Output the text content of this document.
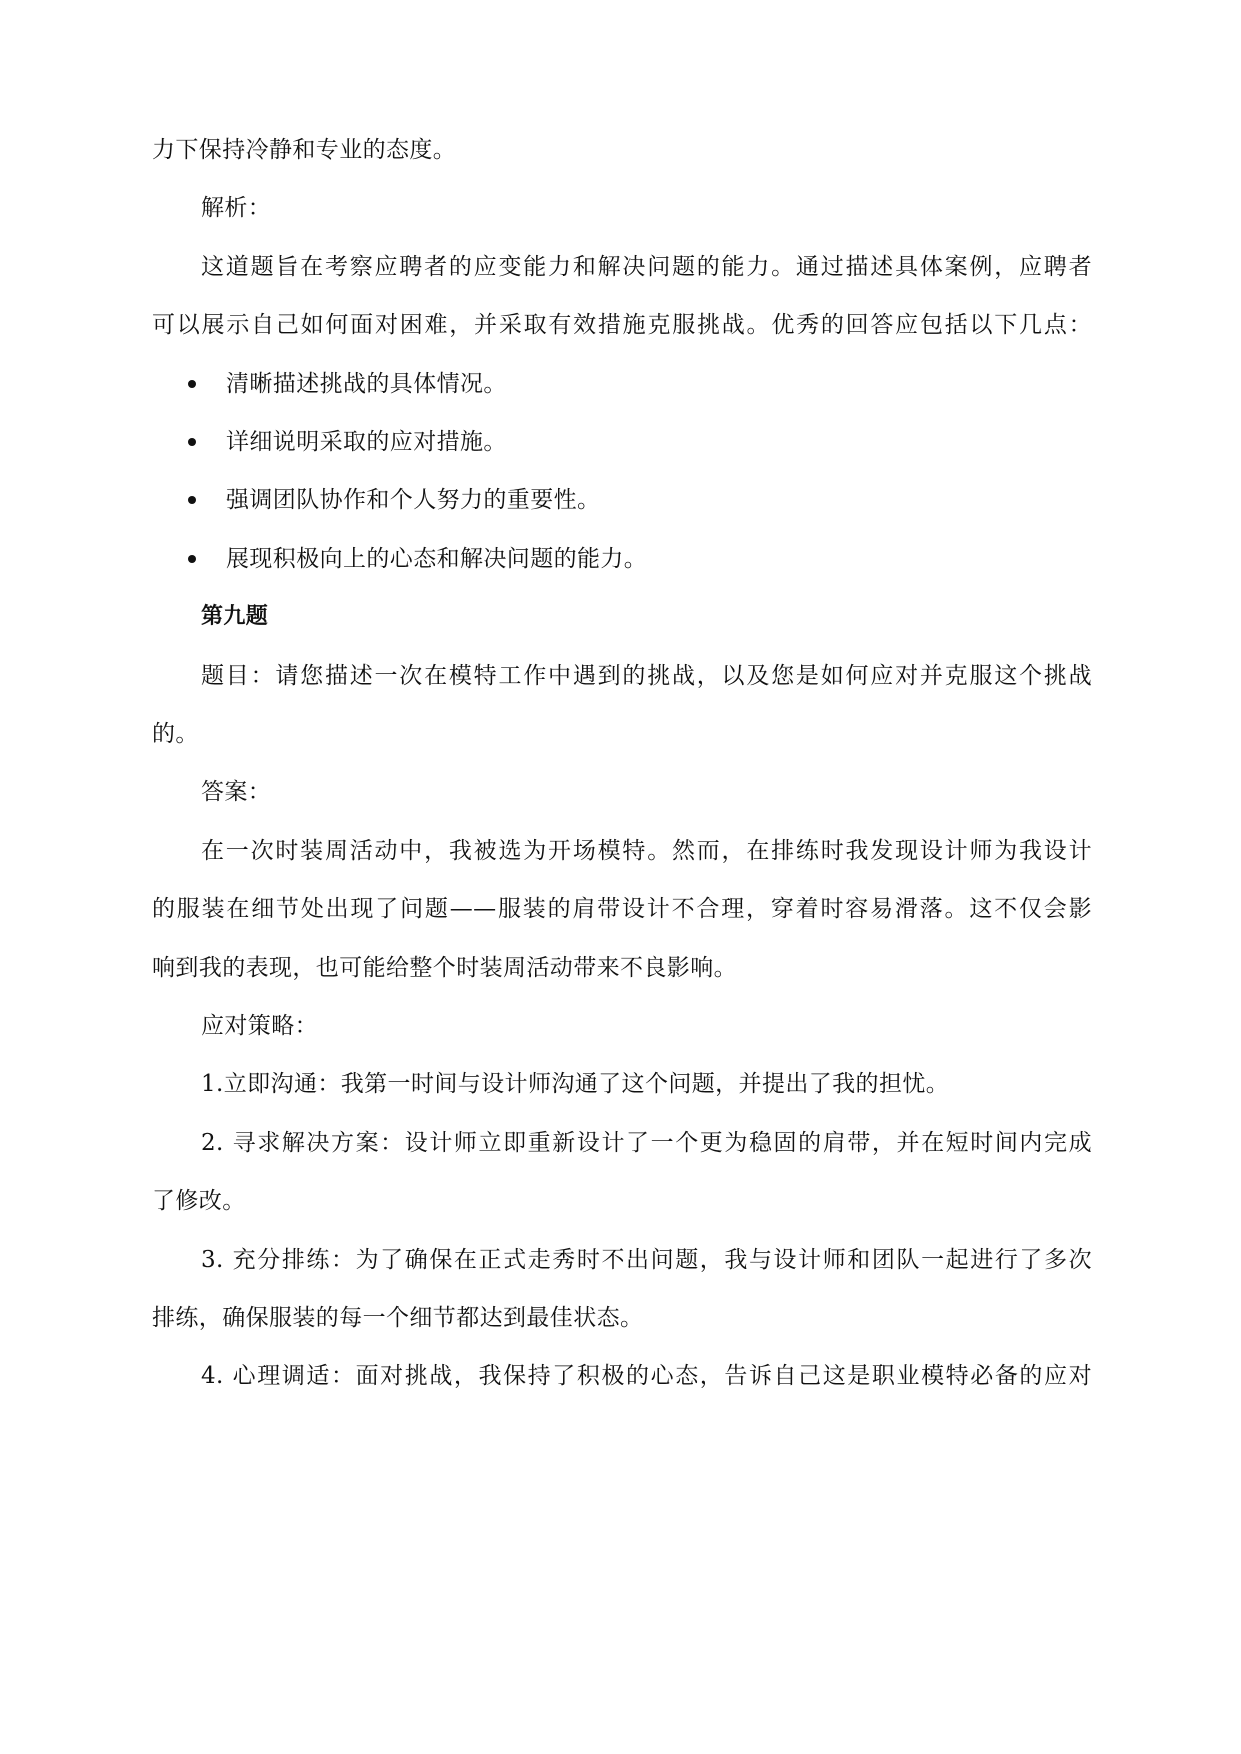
力下保持冷静和专业的态度。
解析：
这道题旨在考察应聘者的应变能力和解决问题的能力。通过描述具体案例，应聘者
可以展示自己如何面对困难，并采取有效措施克服挑战。优秀的回答应包括以下几点：
清晰描述挑战的具体情况。
详细说明采取的应对措施。
强调团队协作和个人努力的重要性。
展现积极向上的心态和解决问题的能力。
第九题
题目：请您描述一次在模特工作中遇到的挑战，以及您是如何应对并克服这个挑战
的。
答案：
在一次时装周活动中，我被选为开场模特。然而，在排练时我发现设计师为我设计
的服装在细节处出现了问题——服装的肩带设计不合理，穿着时容易滑落。这不仅会影
响到我的表现，也可能给整个时装周活动带来不良影响。
应对策略：
1.立即沟通：我第一时间与设计师沟通了这个问题，并提出了我的担忧。
2. 寻求解决方案：设计师立即重新设计了一个更为稳固的肩带，并在短时间内完成
了修改。
3. 充分排练：为了确保在正式走秀时不出问题，我与设计师和团队一起进行了多次
排练，确保服装的每一个细节都达到最佳状态。
4. 心理调适：面对挑战，我保持了积极的心态，告诉自己这是职业模特必备的应对
